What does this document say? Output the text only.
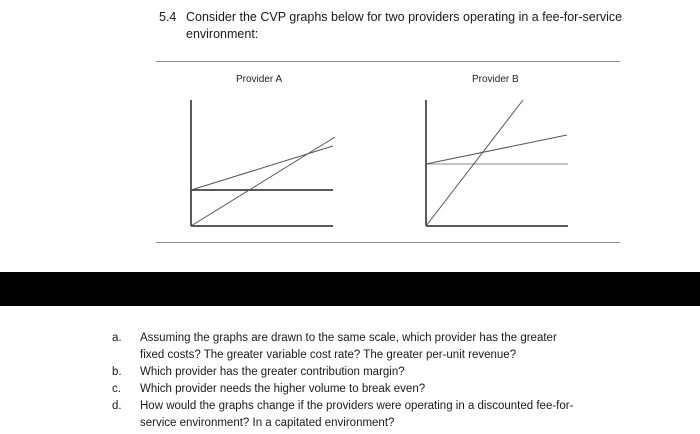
5.4 Consider the CVP graphs below for two providers operating in a fee-for-service environment:
Provider A	Provider B
a.	Assuming the graphs are drawn to the same scale, which provider has the greater fixed costs? The greater variable cost rate? The greater per-unit revenue?
b.	Which provider has the greater contribution margin?
c.	Which provider needs the higher volume to break even?
d.	How would the graphs change if the providers were operating in a discounted fee-for-service environment? In a capitated environment?
